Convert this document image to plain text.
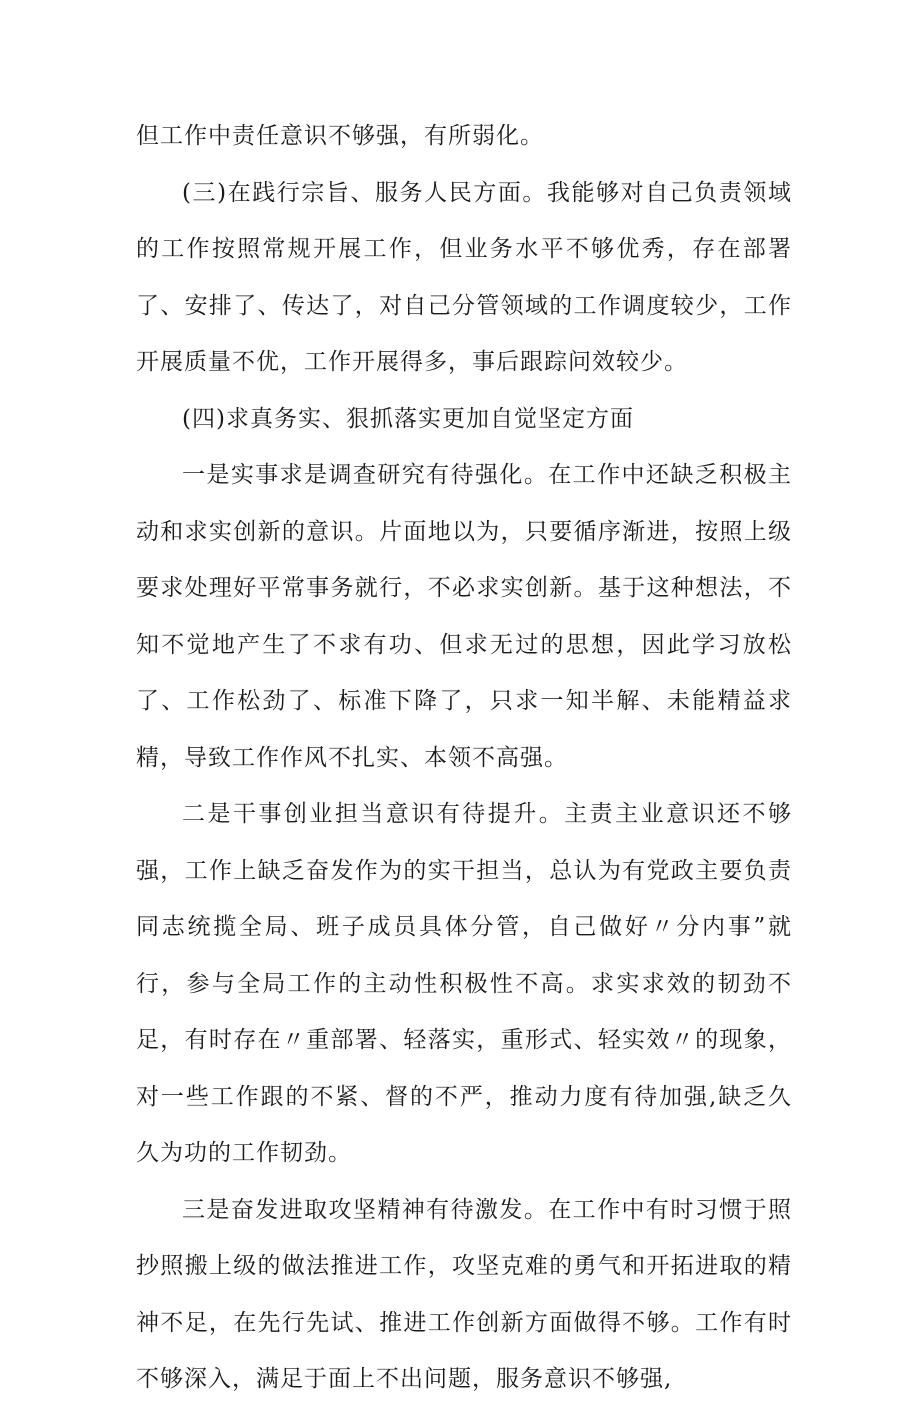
但工作中责任意识不够强，有所弱化。

(三)在践行宗旨、服务人民方面。我能够对自己负责领域的工作按照常规开展工作，但业务水平不够优秀，存在部署了、安排了、传达了，对自己分管领域的工作调度较少，工作开展质量不优，工作开展得多，事后跟踪问效较少。

(四)求真务实、狠抓落实更加自觉坚定方面

一是实事求是调查研究有待强化。在工作中还缺乏积极主动和求实创新的意识。片面地以为，只要循序渐进，按照上级要求处理好平常事务就行，不必求实创新。基于这种想法，不知不觉地产生了不求有功、但求无过的思想，因此学习放松了、工作松劲了、标准下降了，只求一知半解、未能精益求精，导致工作作风不扎实、本领不高强。

二是干事创业担当意识有待提升。主责主业意识还不够强，工作上缺乏奋发作为的实干担当，总认为有党政主要负责同志统揽全局、班子成员具体分管，自己做好〃分内事”就行，参与全局工作的主动性积极性不高。求实求效的韧劲不足，有时存在〃重部署、轻落实，重形式、轻实效〃的现象，对一些工作跟的不紧、督的不严，推动力度有待加强,缺乏久久为功的工作韧劲。

三是奋发进取攻坚精神有待激发。在工作中有时习惯于照抄照搬上级的做法推进工作，攻坚克难的勇气和开拓进取的精神不足，在先行先试、推进工作创新方面做得不够。工作有时不够深入，满足于面上不出问题，服务意识不够强,
